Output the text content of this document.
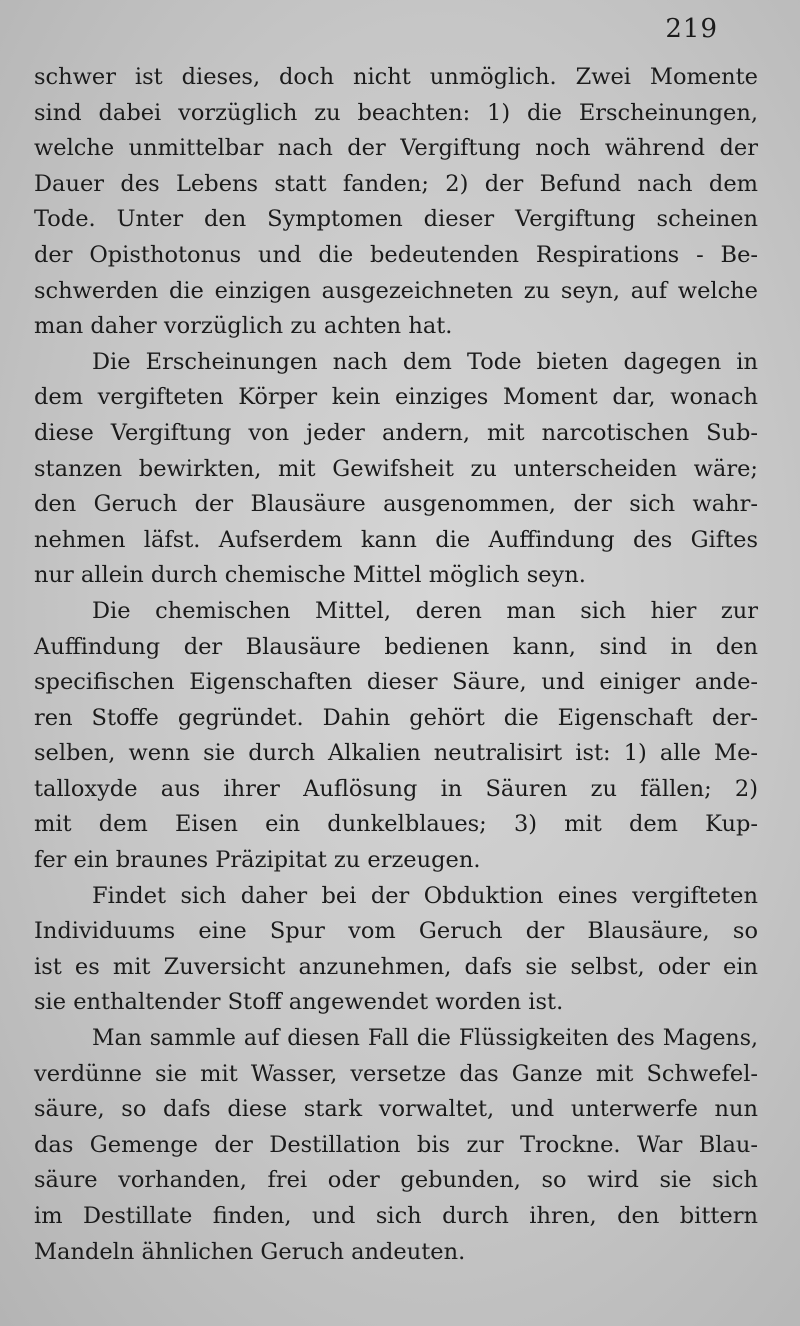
219
schwer ist dieses, doch nicht unmöglich. Zwei Momente
sind dabei vorzüglich zu beachten: 1) die Erscheinungen,
welche unmittelbar nach der Vergiftung noch während der
Dauer des Lebens statt fanden; 2) der Befund nach dem
Tode. Unter den Symptomen dieser Vergiftung scheinen
der Opisthotonus und die bedeutenden Respirations - Be-
schwerden die einzigen ausgezeichneten zu seyn, auf welche
man daher vorzüglich zu achten hat.
Die Erscheinungen nach dem Tode bieten dagegen in
dem vergifteten Körper kein einziges Moment dar, wonach
diese Vergiftung von jeder andern, mit narcotischen Sub-
stanzen bewirkten, mit Gewifsheit zu unterscheiden wäre;
den Geruch der Blausäure ausgenommen, der sich wahr-
nehmen läfst. Aufserdem kann die Auffindung des Giftes
nur allein durch chemische Mittel möglich seyn.
Die chemischen Mittel, deren man sich hier zur
Auffindung der Blausäure bedienen kann, sind in den
specifischen Eigenschaften dieser Säure, und einiger ande-
ren Stoffe gegründet. Dahin gehört die Eigenschaft der-
selben, wenn sie durch Alkalien neutralisirt ist: 1) alle Me-
talloxyde aus ihrer Auflösung in Säuren zu fällen; 2)
mit dem Eisen ein dunkelblaues; 3) mit dem Kup-
fer ein braunes Präzipitat zu erzeugen.
Findet sich daher bei der Obduktion eines vergifteten
Individuums eine Spur vom Geruch der Blausäure, so
ist es mit Zuversicht anzunehmen, dafs sie selbst, oder ein
sie enthaltender Stoff angewendet worden ist.
Man sammle auf diesen Fall die Flüssigkeiten des Magens,
verdünne sie mit Wasser, versetze das Ganze mit Schwefel-
säure, so dafs diese stark vorwaltet, und unterwerfe nun
das Gemenge der Destillation bis zur Trockne. War Blau-
säure vorhanden, frei oder gebunden, so wird sie sich
im Destillate finden, und sich durch ihren, den bittern
Mandeln ähnlichen Geruch andeuten.
